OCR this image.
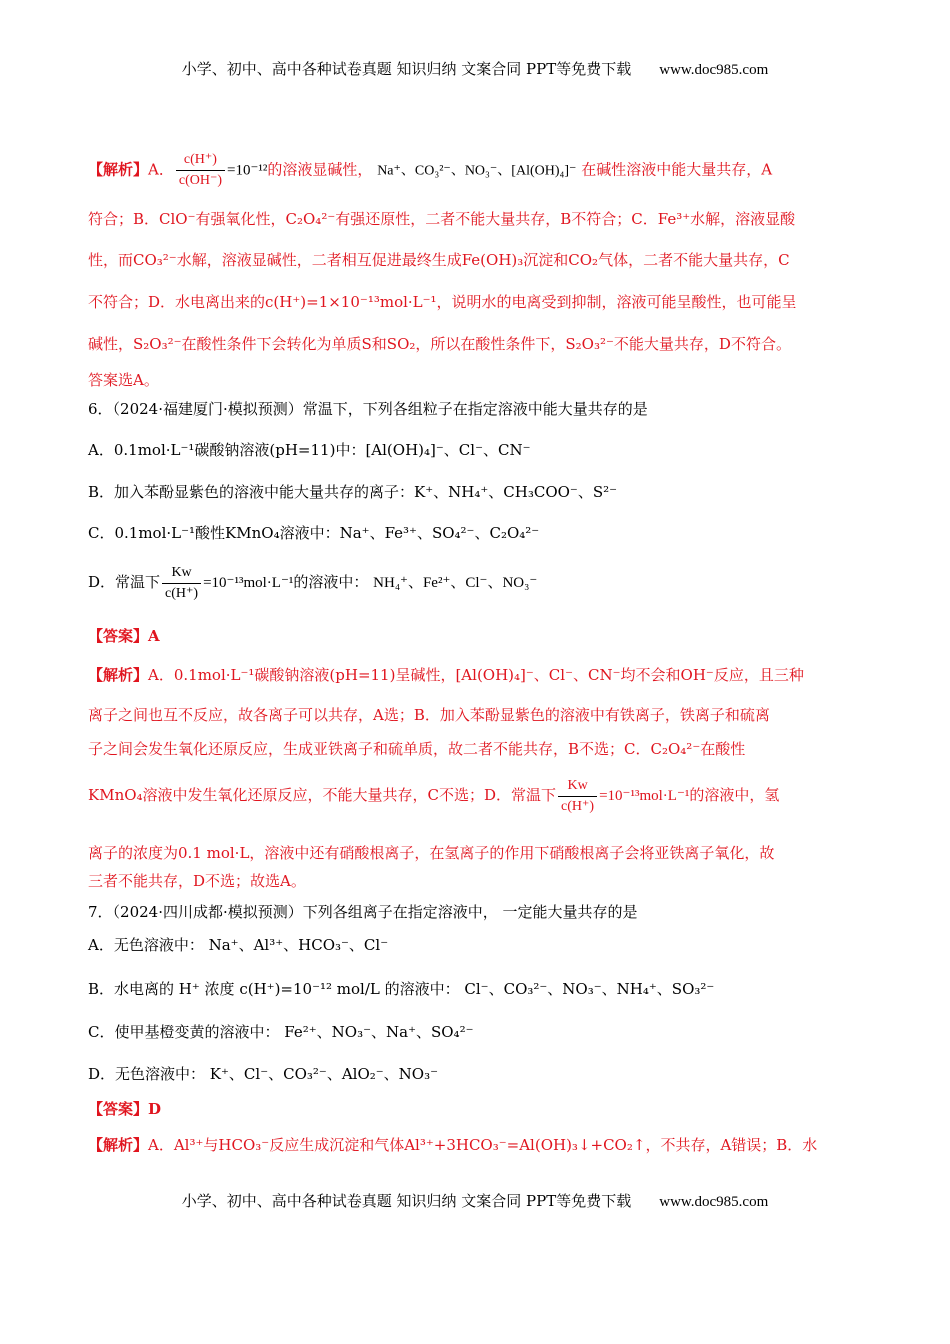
小学、初中、高中各种试卷真题 知识归纳 文案合同 PPT等免费下载 www.doc985.com
【解析】A． $\frac{c(H^+)}{c(OH^-)} =10^{-12}$的溶液显碱性， Na⁺、CO₃²⁻、NO₃⁻、[Al(OH)₄]⁻ 在碱性溶液中能大量共存，A
符合；B．ClO⁻有强氧化性，C₂O₄²⁻有强还原性，二者不能大量共存，B不符合；C．Fe³⁺水解，溶液显酸
性，而CO₃²⁻水解，溶液显碱性，二者相互促进最终生成Fe(OH)₃沉淀和CO₂气体，二者不能大量共存，C
不符合；D．水电离出来的c(H⁺)=1×10⁻¹³mol·L⁻¹，说明水的电离受到抑制，溶液可能呈酸性，也可能呈
碱性，S₂O₃²⁻在酸性条件下会转化为单质S和SO₂，所以在酸性条件下，S₂O₃²⁻不能大量共存，D不符合。
答案选A。
6．（2024·福建厦门·模拟预测）常温下，下列各组粒子在指定溶液中能大量共存的是
A．0.1mol·L⁻¹碳酸钠溶液(pH=11)中：[Al(OH)₄]⁻、Cl⁻、CN⁻
B．加入苯酚显紫色的溶液中能大量共存的离子：K⁺、NH₄⁺、CH₃COO⁻、S²⁻
C．0.1mol·L⁻¹酸性KMnO₄溶液中：Na⁺、Fe³⁺、SO₄²⁻、C₂O₄²⁻
D．常温下 $\frac{Kw}{c(H^+)} =10^{-13}mol\cdot L^{-1}$的溶液中： NH₄⁺、Fe²⁺、Cl⁻、NO₃⁻
【答案】A
【解析】A．0.1mol·L⁻¹碳酸钠溶液(pH=11)呈碱性，[Al(OH)₄]⁻、Cl⁻、CN⁻均不会和OH⁻反应，且三种
离子之间也互不反应，故各离子可以共存，A选；B．加入苯酚显紫色的溶液中有铁离子，铁离子和硫离
子之间会发生氧化还原反应，生成亚铁离子和硫单质，故二者不能共存，B不选；C．C₂O₄²⁻在酸性
KMnO₄溶液中发生氧化还原反应，不能大量共存，C不选；D．常温下 $\frac{Kw}{c(H^+)} =10^{-13}mol\cdot L^{-1}$的溶液中，氢
离子的浓度为0.1 mol·L，溶液中还有硝酸根离子，在氢离子的作用下硝酸根离子会将亚铁离子氧化，故
三者不能共存，D不选；故选A。
7．（2024·四川成都·模拟预测）下列各组离子在指定溶液中， 一定能大量共存的是
A．无色溶液中： Na⁺、Al³⁺、HCO₃⁻、Cl⁻
B．水电离的 H⁺ 浓度 c(H⁺)=10⁻¹² mol/L 的溶液中： Cl⁻、CO₃²⁻、NO₃⁻、NH₄⁺、SO₃²⁻
C．使甲基橙变黄的溶液中： Fe²⁺、NO₃⁻、Na⁺、SO₄²⁻
D．无色溶液中： K⁺、Cl⁻、CO₃²⁻、AlO₂⁻、NO₃⁻
【答案】D
【解析】A．Al³⁺与HCO₃⁻反应生成沉淀和气体Al³⁺+3HCO₃⁻=Al(OH)₃↓+CO₂↑，不共存，A错误；B．水
小学、初中、高中各种试卷真题 知识归纳 文案合同 PPT等免费下载 www.doc985.com
